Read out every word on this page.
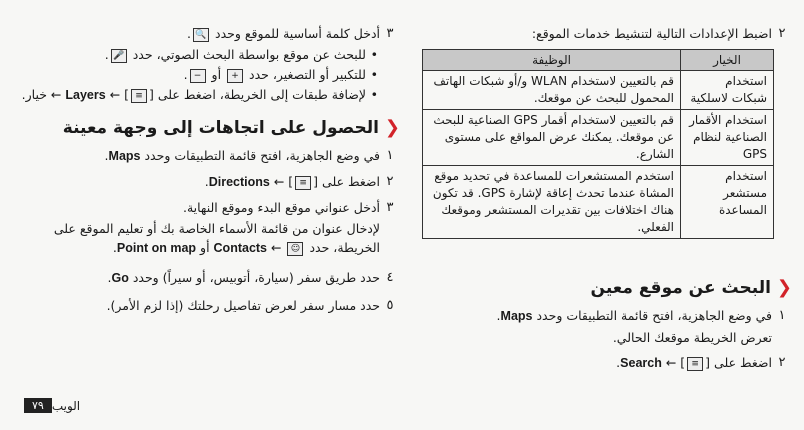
٢
اضبط الإعدادات التالية لتنشيط خدمات الموقع:
الخيار	الوظيفة
استخدام شبكات لاسلكية	قم بالتعيين لاستخدام WLAN و/أو شبكات الهاتف المحمول للبحث عن موقعك.
استخدام الأقمار الصناعية لنظام GPS	قم بالتعيين لاستخدام أقمار GPS الصناعية للبحث عن موقعك. يمكنك عرض المواقع على مستوى الشارع.
استخدام مستشعر المساعدة	استخدم المستشعرات للمساعدة في تحديد موقع المشاة عندما تحدث إعاقة لإشارة GPS. قد تكون هناك اختلافات بين تقديرات المستشعر وموقعك الفعلي.
❮
البحث عن موقع معين
١
في وضع الجاهزية، افتح قائمة التطبيقات وحدد Maps.
تعرض الخريطة موقعك الحالي.
٢
اضغط على [≡] ← Search.
٣
أدخل كلمة أساسية للموقع وحدد 🔍.
• للبحث عن موقع بواسطة البحث الصوتي، حدد 🎤.
• للتكبير أو التصغير، حدد + أو −.
• لإضافة طبقات إلى الخريطة، اضغط على [≡] ← Layers ← خيار.
❮
الحصول على اتجاهات إلى وجهة معينة
١
في وضع الجاهزية، افتح قائمة التطبيقات وحدد Maps.
٢
اضغط على [≡] ← Directions.
٣
أدخل عنواني موقع البدء وموقع النهاية.
لإدخال عنوان من قائمة الأسماء الخاصة بك أو تعليم الموقع على الخريطة، حدد ☺ ← Contacts أو Point on map.
٤
حدد طريق سفر (سيارة، أتوبيس، أو سيراً) وحدد Go.
٥
حدد مسار سفر لعرض تفاصيل رحلتك (إذا لزم الأمر).
الويب
٧٩
